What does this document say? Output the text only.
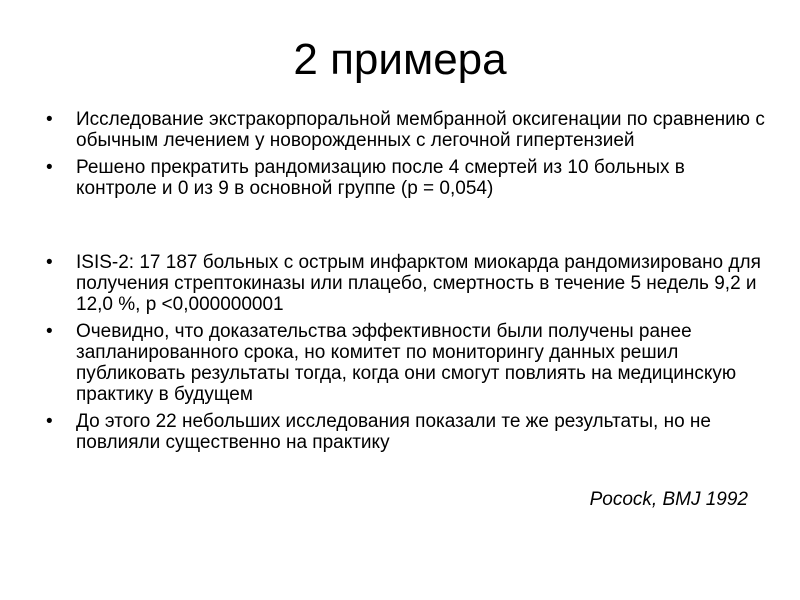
2 примера
• Исследование экстракорпоральной мембранной оксигенации по сравнению с обычным лечением у новорожденных с легочной гипертензией
• Решено прекратить рандомизацию после 4 смертей из 10 больных в контроле и 0 из 9 в основной группе (р = 0,054)
• ISIS-2: 17 187 больных с острым инфарктом миокарда рандомизировано для получения стрептокиназы или плацебо, смертность в течение 5 недель 9,2 и 12,0 %, р <0,000000001
• Очевидно, что доказательства эффективности были получены ранее запланированного срока, но комитет по мониторингу данных решил публиковать результаты тогда, когда они смогут повлиять на медицинскую практику в будущем
• До этого 22 небольших исследования показали те же результаты, но не повлияли существенно на практику
Pocock, BMJ 1992
